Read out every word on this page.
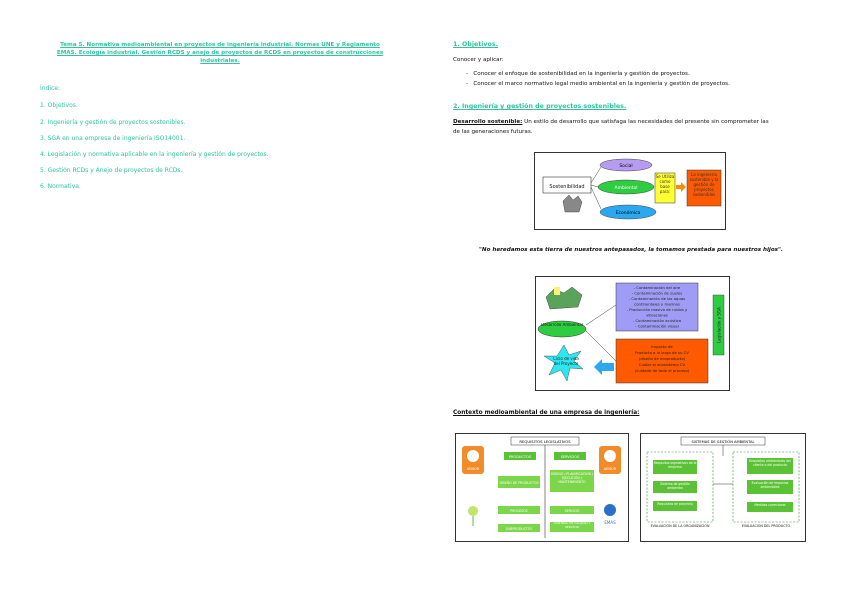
Tema 5. Normativa medioambiental en proyectos de ingeniería industrial. Normas UNE y Reglamento
EMAS. Ecología industrial. Gestión RCDS y anejo de proyectos de RCDS en proyectos de construcciones
industriales.
Índice:
1. Objetivos.
2. Ingeniería y gestión de proyectos sostenibles.
3. SGA en una empresa de ingeniería ISO14001.
4. Legislación y normativa aplicable en la ingeniería y gestión de proyectos.
5. Gestión RCDs y Anejo de proyectos de RCDs.
6. Normativa.
1. Objetivos.
Conocer y aplicar:
-   Conocer el enfoque de sostenibilidad en la ingeniería y gestión de proyectos.
-   Conocer el marco normativo legal medio ambiental en la ingeniería y gestión de proyectos.
2. Ingeniería y gestión de proyectos sostenibles.
Desarrollo sostenible: Un estilo de desarrollo que satisfaga las necesidades del presente sin comprometer las
de las generaciones futuras.
Sostenibilidad
Social
Ambiental
Económica
Se Utiliza como base para:
La ingeniería sostenible y la gestión de proyectos sostenibles
"No heredamos esta tierra de nuestros antepasados, la tomamos prestada para nuestros hijos".
Desarrollo Ambiental
- Contaminación del aire
- Contaminación de suelos
- Contaminación de las aguas
continentales y marinas
- Producción masiva de ruidos y
vibraciones
- Contaminación acústica
- Contaminación visual
Impacto de
Producto a lo largo de su CV
(diseño de ecoproducto)
Cuidar el ecosistema CV
(cuidado de todo el proceso)
Legislación y SGA
Ciclo de vida del Proyecto
Contexto medioambiental de una empresa de ingeniería:
REQUISITOS LEGISLATIVOS
PRODUCTOS	SERVICIOS
DISEÑO DE PRODUCTOS
PROCESOS
SUBPRODUCTOS
DISEÑO / PLANIFICACIÓN / EJECUCIÓN / MANTENIMIENTO
SERVICIO
CONTROL DE CALIDAD Y SERVICIO
AENOR	AENOR
EMAS
SISTEMAS DE GESTIÓN AMBIENTAL
Requisitos legislativos de la empresa
Sistema de gestión ambiental
Requisitos de proyecto
Requisitos ambientales del cliente o del producto
Evaluación de impactos ambientales
Medidas correctoras
EVALUACIÓN DE LA ORGANIZACIÓN	EVALUACIÓN DEL PRODUCTO
